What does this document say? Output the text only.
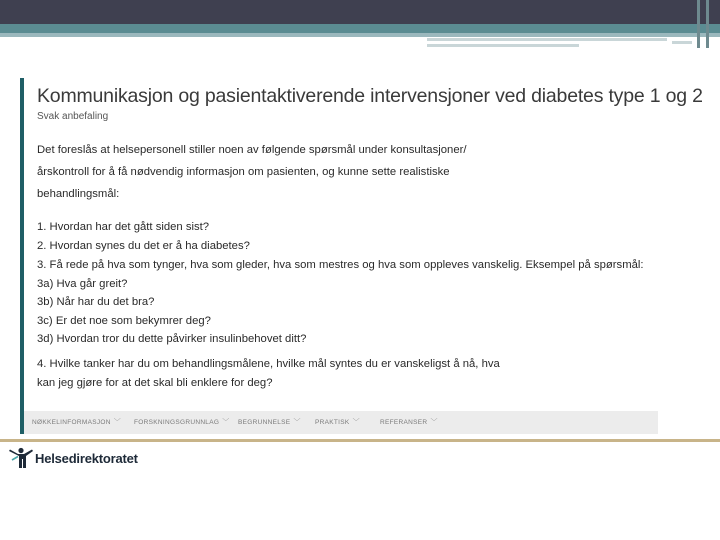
Kommunikasjon og pasientaktiverende intervensjoner ved diabetes type 1 og 2
Svak anbefaling
Det foreslås at helsepersonell stiller noen av følgende spørsmål under konsultasjoner/
årskontroll for å få nødvendig informasjon om pasienten, og kunne sette realistiske
behandlingsmål:
1. Hvordan har det gått siden sist?
2. Hvordan synes du det er å ha diabetes?
3. Få rede på hva som tynger, hva som gleder, hva som mestres og hva som oppleves vanskelig. Eksempel på spørsmål:
3a) Hva går greit?
3b) Når har du det bra?
3c) Er det noe som bekymrer deg?
3d) Hvordan tror du dette påvirker insulinbehovet ditt?
4. Hvilke tanker har du om behandlingsmålene, hvilke mål syntes du er vanskeligst å nå, hva
kan jeg gjøre for at det skal bli enklere for deg?
NØKKELINFORMASJON ﹀ FORSKNINGSGRUNNLAG ﹀ BEGRUNNELSE ﹀ PRAKTISK ﹀	REFERANSER ﹀
Helsedirektoratet
